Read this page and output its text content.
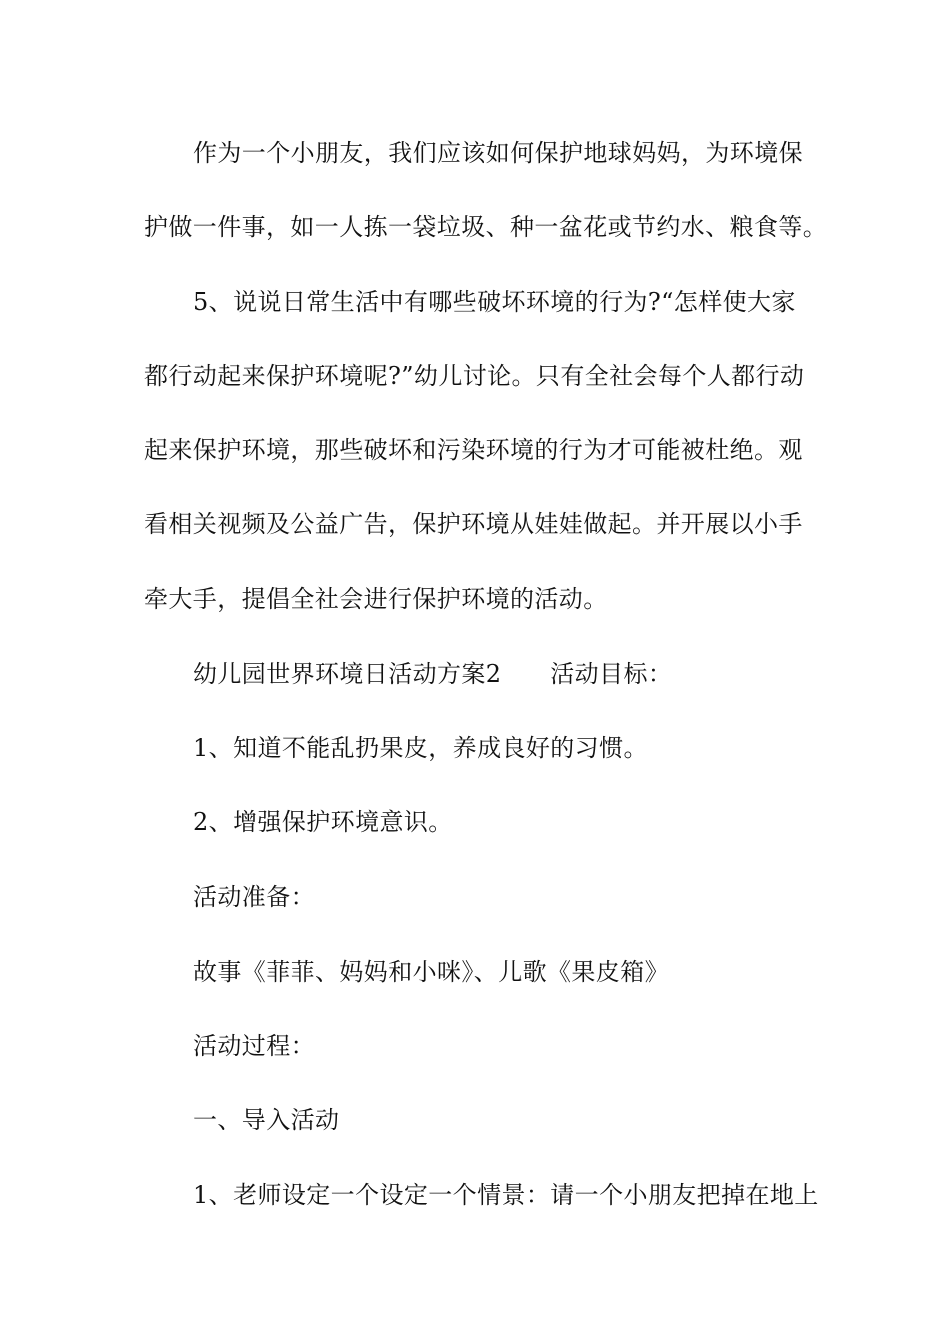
作为一个小朋友，我们应该如何保护地球妈妈，为环境保
护做一件事，如一人拣一袋垃圾、种一盆花或节约水、粮食等。
5、说说日常生活中有哪些破坏环境的行为?“怎样使大家
都行动起来保护环境呢?”幼儿讨论。只有全社会每个人都行动
起来保护环境，那些破坏和污染环境的行为才可能被杜绝。观
看相关视频及公益广告，保护环境从娃娃做起。并开展以小手
牵大手，提倡全社会进行保护环境的活动。
幼儿园世界环境日活动方案2　　活动目标：
1、知道不能乱扔果皮，养成良好的习惯。
2、增强保护环境意识。
活动准备：
故事《菲菲、妈妈和小咪》、儿歌《果皮箱》
活动过程：
一、导入活动
1、老师设定一个设定一个情景：请一个小朋友把掉在地上
